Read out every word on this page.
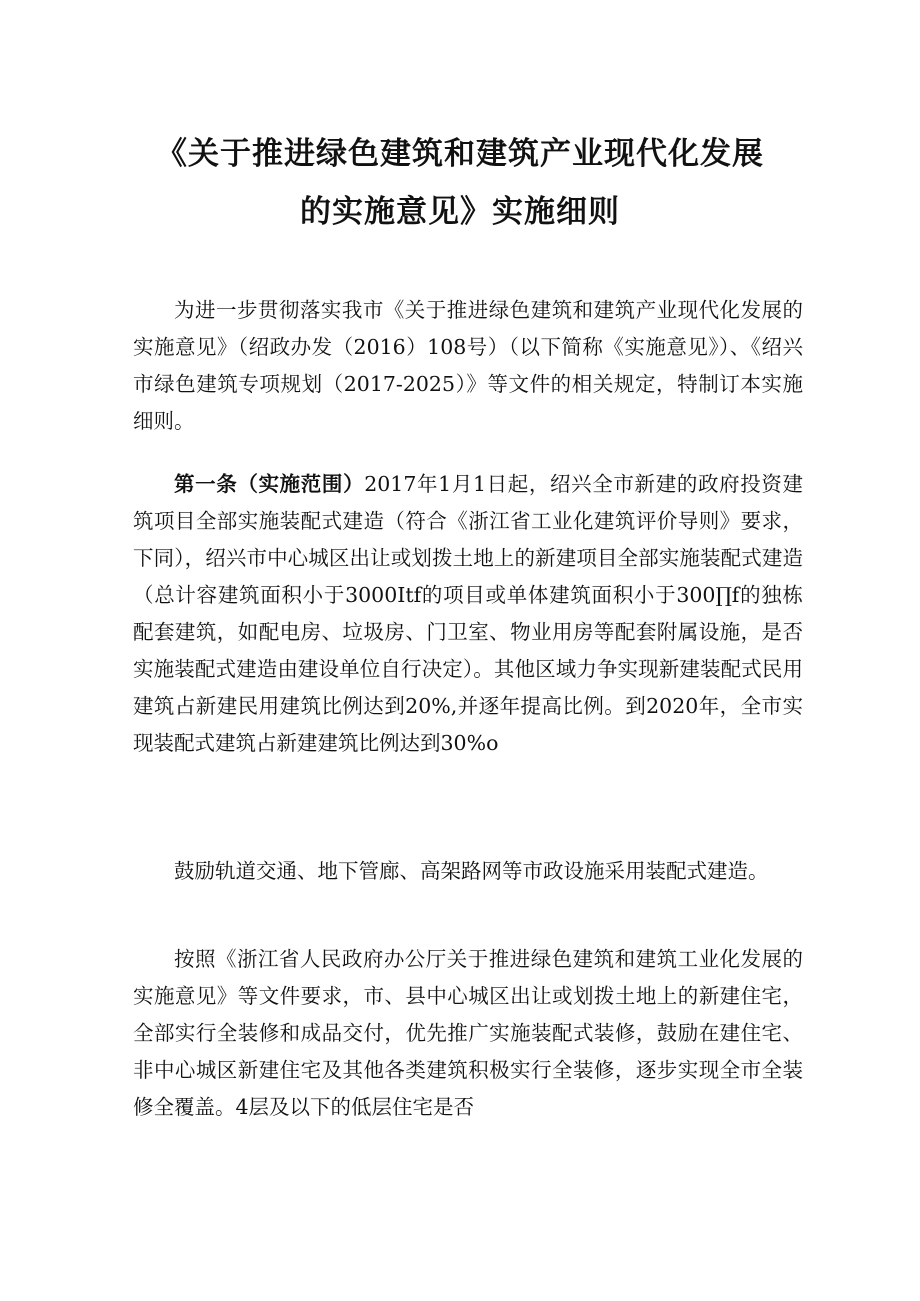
《关于推进绿色建筑和建筑产业现代化发展
的实施意见》实施细则

为进一步贯彻落实我市《关于推进绿色建筑和建筑产业现代化发展的实施意见》（绍政办发（2016）108号）（以下简称《实施意见》）、《绍兴市绿色建筑专项规划（2017-2025）》等文件的相关规定，特制订本实施细则。

第一条（实施范围）2017年1月1日起，绍兴全市新建的政府投资建筑项目全部实施装配式建造（符合《浙江省工业化建筑评价导则》要求，下同），绍兴市中心城区出让或划拨土地上的新建项目全部实施装配式建造（总计容建筑面积小于3000Itf的项目或单体建筑面积小于300∏f的独栋配套建筑，如配电房、垃圾房、门卫室、物业用房等配套附属设施，是否实施装配式建造由建设单位自行决定）。其他区域力争实现新建装配式民用建筑占新建民用建筑比例达到20%,并逐年提高比例。到2020年，全市实现装配式建筑占新建建筑比例达到30%o

鼓励轨道交通、地下管廊、高架路网等市政设施采用装配式建造。

按照《浙江省人民政府办公厅关于推进绿色建筑和建筑工业化发展的实施意见》等文件要求，市、县中心城区出让或划拨土地上的新建住宅，全部实行全装修和成品交付，优先推广实施装配式装修，鼓励在建住宅、非中心城区新建住宅及其他各类建筑积极实行全装修，逐步实现全市全装修全覆盖。4层及以下的低层住宅是否
